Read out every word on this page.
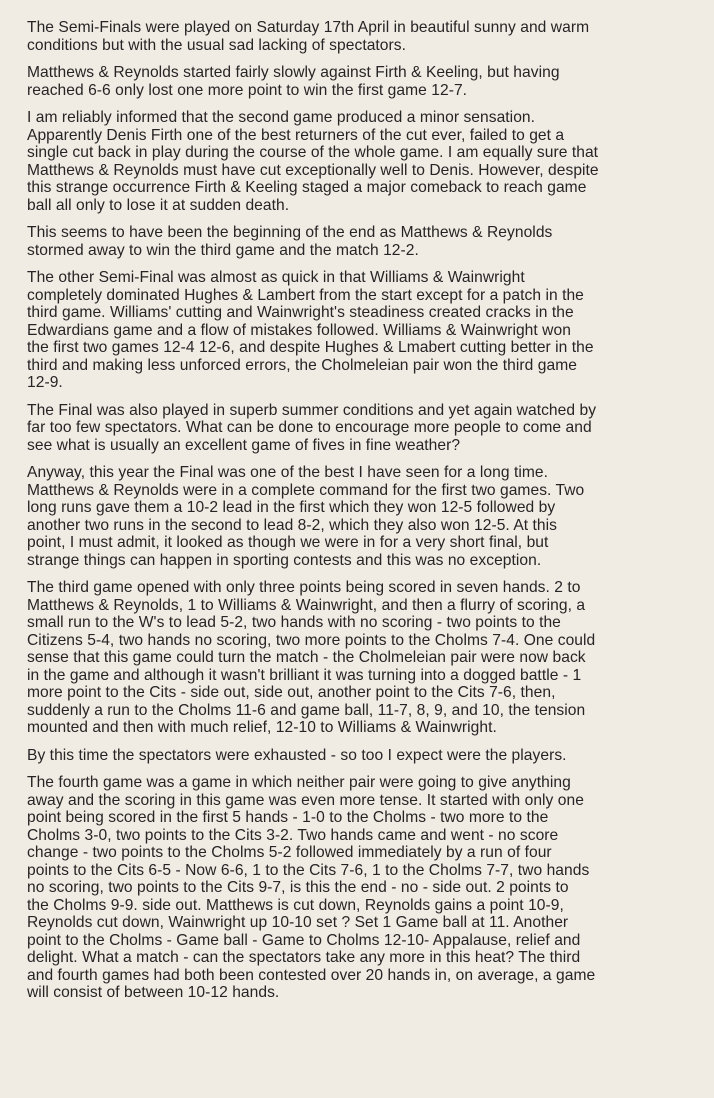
The Semi-Finals were played on Saturday 17th April in beautiful sunny and warm
conditions but with the usual sad lacking of spectators.

Matthews & Reynolds started fairly slowly against Firth & Keeling, but having
reached 6-6 only lost one more point to win the first game 12-7.

I am reliably informed that the second game produced a minor sensation.
Apparently Denis Firth one of the best returners of the cut ever, failed to get a
single cut back in play during the course of the whole game. I am equally sure that
Matthews & Reynolds must have cut exceptionally well to Denis. However, despite
this strange occurrence Firth & Keeling staged a major comeback to reach game
ball all only to lose it at sudden death.

This seems to have been the beginning of the end as Matthews & Reynolds
stormed away to win the third game and the match 12-2.

The other Semi-Final was almost as quick in that Williams & Wainwright
completely dominated Hughes & Lambert from the start except for a patch in the
third game. Williams' cutting and Wainwright's steadiness created cracks in the
Edwardians game and a flow of mistakes followed. Williams & Wainwright won
the first two games 12-4 12-6, and despite Hughes & Lmabert cutting better in the
third and making less unforced errors, the Cholmeleian pair won the third game
12-9.

The Final was also played in superb summer conditions and yet again watched by
far too few spectators. What can be done to encourage more people to come and
see what is usually an excellent game of fives in fine weather?

Anyway, this year the Final was one of the best I have seen for a long time.
Matthews & Reynolds were in a complete command for the first two games. Two
long runs gave them a 10-2 lead in the first which they won 12-5 followed by
another two runs in the second to lead 8-2, which they also won 12-5. At this
point, I must admit, it looked as though we were in for a very short final, but
strange things can happen in sporting contests and this was no exception.

The third game opened with only three points being scored in seven hands. 2 to
Matthews & Reynolds, 1 to Williams & Wainwright, and then a flurry of scoring, a
small run to the W's to lead 5-2, two hands with no scoring - two points to the
Citizens 5-4, two hands no scoring, two more points to the Cholms 7-4. One could
sense that this game could turn the match - the Cholmeleian pair were now back
in the game and although it wasn't brilliant it was turning into a dogged battle - 1
more point to the Cits - side out, side out, another point to the Cits 7-6, then,
suddenly a run to the Cholms 11-6 and game ball, 11-7, 8, 9, and 10, the tension
mounted and then with much relief, 12-10 to Williams & Wainwright.

By this time the spectators were exhausted - so too I expect were the players.

The fourth game was a game in which neither pair were going to give anything
away and the scoring in this game was even more tense. It started with only one
point being scored in the first 5 hands - 1-0 to the Cholms - two more to the
Cholms 3-0, two points to the Cits 3-2. Two hands came and went - no score
change - two points to the Cholms 5-2 followed immediately by a run of four
points to the Cits 6-5 - Now 6-6, 1 to the Cits 7-6, 1 to the Cholms 7-7, two hands
no scoring, two points to the Cits 9-7, is this the end - no - side out. 2 points to
the Cholms 9-9. side out. Matthews is cut down, Reynolds gains a point 10-9,
Reynolds cut down, Wainwright up 10-10 set ? Set 1 Game ball at 11. Another
point to the Cholms - Game ball - Game to Cholms 12-10- Appalause, relief and
delight. What a match - can the spectators take any more in this heat? The third
and fourth games had both been contested over 20 hands in, on average, a game
will consist of between 10-12 hands.
